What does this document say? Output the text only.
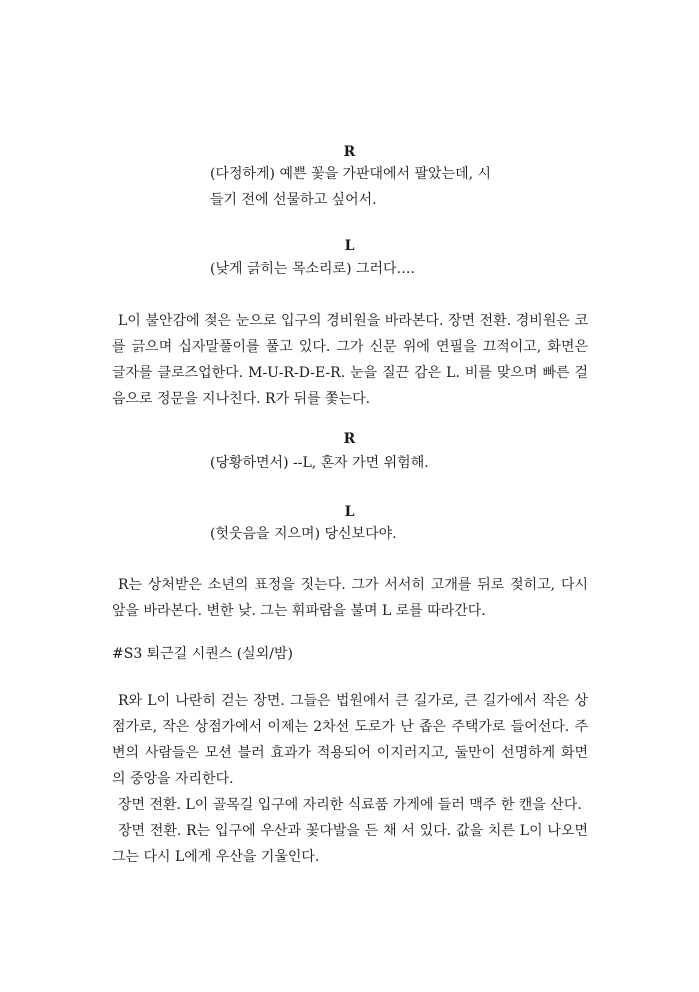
R
(다정하게) 예쁜 꽃을 가판대에서 팔았는데, 시
들기 전에 선물하고 싶어서.
L
(낮게 긁히는 목소리로) 그러다….

L이 불안감에 젖은 눈으로 입구의 경비원을 바라본다. 장면 전환. 경비원은 코를 긁으며 십자말풀이를 풀고 있다. 그가 신문 위에 연필을 끄적이고, 화면은 글자를 클로즈업한다. M-U-R-D-E-R. 눈을 질끈 감은 L. 비를 맞으며 빠른 걸음으로 정문을 지나친다. R가 뒤를 쫓는다.

R
(당황하면서) --L, 혼자 가면 위험해.
L
(헛웃음을 지으며) 당신보다야.

R는 상처받은 소년의 표정을 짓는다. 그가 서서히 고개를 뒤로 젖히고, 다시 앞을 바라본다. 변한 낮. 그는 휘파람을 불며 L 로를 따라간다.

#S3 퇴근길 시퀀스 (실외/밤)

R와 L이 나란히 걷는 장면. 그들은 법원에서 큰 길가로, 큰 길가에서 작은 상점가로, 작은 상점가에서 이제는 2차선 도로가 난 좁은 주택가로 들어선다. 주변의 사람들은 모션 블러 효과가 적용되어 이지러지고, 둘만이 선명하게 화면의 중앙을 자리한다.

장면 전환. L이 골목길 입구에 자리한 식료품 가게에 들러 맥주 한 캔을 산다.

장면 전환. R는 입구에 우산과 꽃다발을 든 채 서 있다. 값을 치른 L이 나오면 그는 다시 L에게 우산을 기울인다.
